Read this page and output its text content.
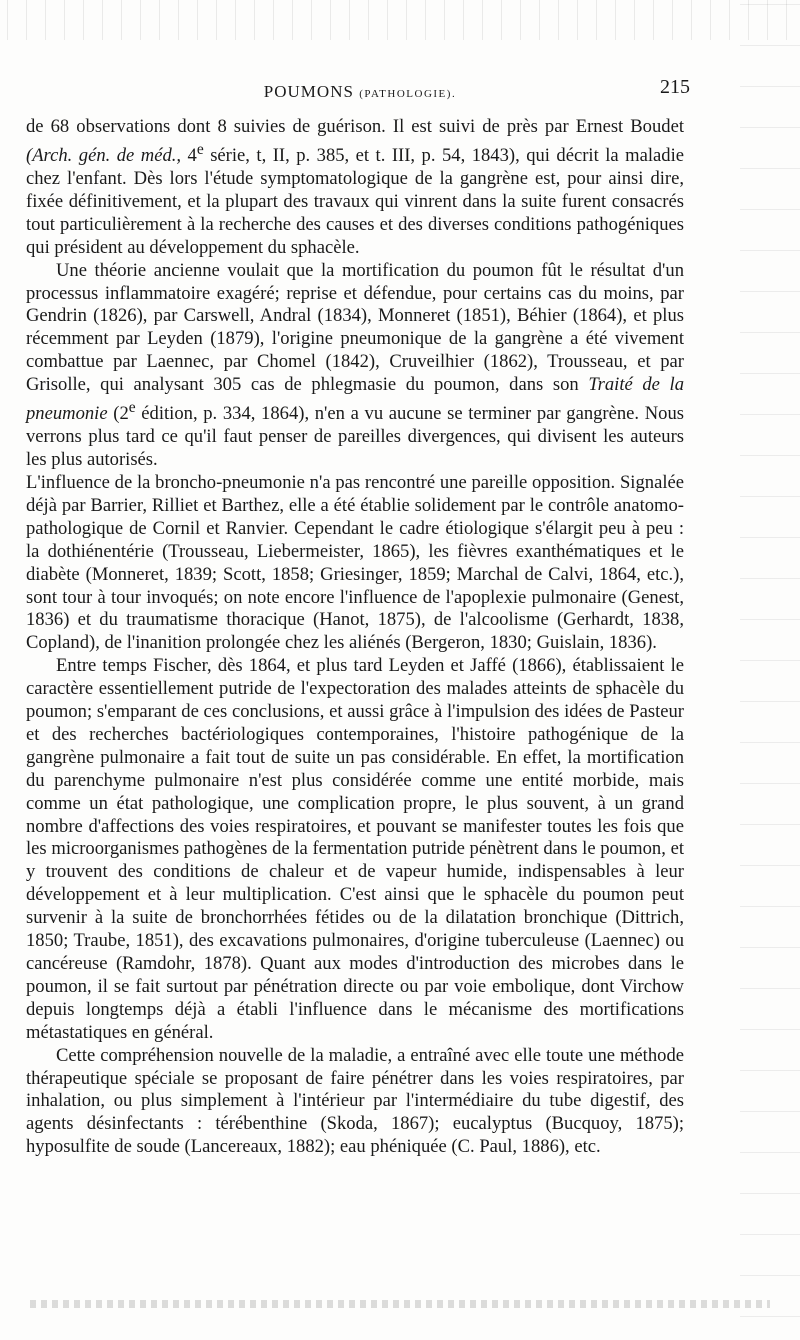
POUMONS (PATHOLOGIE).	215

de 68 observations dont 8 suivies de guérison. Il est suivi de près par Ernest Boudet (Arch. gén. de méd., 4e série, t, II, p. 385, et t. III, p. 54, 1843), qui décrit la maladie chez l'enfant. Dès lors l'étude symptomatologique de la gangrène est, pour ainsi dire, fixée définitivement, et la plupart des travaux qui vinrent dans la suite furent consacrés tout particulièrement à la recherche des causes et des diverses conditions pathogéniques qui président au développement du sphacèle.

Une théorie ancienne voulait que la mortification du poumon fût le résultat d'un processus inflammatoire exagéré; reprise et défendue, pour certains cas du moins, par Gendrin (1826), par Carswell, Andral (1834), Monneret (1851), Béhier (1864), et plus récemment par Leyden (1879), l'origine pneumonique de la gangrène a été vivement combattue par Laennec, par Chomel (1842), Cruveilhier (1862), Trousseau, et par Grisolle, qui analysant 305 cas de phlegmasie du poumon, dans son Traité de la pneumonie (2e édition, p. 334, 1864), n'en a vu aucune se terminer par gangrène. Nous verrons plus tard ce qu'il faut penser de pareilles divergences, qui divisent les auteurs les plus autorisés.

L'influence de la broncho-pneumonie n'a pas rencontré une pareille opposition. Signalée déjà par Barrier, Rilliet et Barthez, elle a été établie solidement par le contrôle anatomo-pathologique de Cornil et Ranvier. Cependant le cadre étiologique s'élargit peu à peu : la dothiénentérie (Trousseau, Liebermeister, 1865), les fièvres exanthématiques et le diabète (Monneret, 1839; Scott, 1858; Griesinger, 1859; Marchal de Calvi, 1864, etc.), sont tour à tour invoqués; on note encore l'influence de l'apoplexie pulmonaire (Genest, 1836) et du traumatisme thoracique (Hanot, 1875), de l'alcoolisme (Gerhardt, 1838, Copland), de l'inanition prolongée chez les aliénés (Bergeron, 1830; Guislain, 1836).

Entre temps Fischer, dès 1864, et plus tard Leyden et Jaffé (1866), établissaient le caractère essentiellement putride de l'expectoration des malades atteints de sphacèle du poumon; s'emparant de ces conclusions, et aussi grâce à l'impulsion des idées de Pasteur et des recherches bactériologiques contemporaines, l'histoire pathogénique de la gangrène pulmonaire a fait tout de suite un pas considérable. En effet, la mortification du parenchyme pulmonaire n'est plus considérée comme une entité morbide, mais comme un état pathologique, une complication propre, le plus souvent, à un grand nombre d'affections des voies respiratoires, et pouvant se manifester toutes les fois que les microorganismes pathogènes de la fermentation putride pénètrent dans le poumon, et y trouvent des conditions de chaleur et de vapeur humide, indispensables à leur développement et à leur multiplication. C'est ainsi que le sphacèle du poumon peut survenir à la suite de bronchorrhées fétides ou de la dilatation bronchique (Dittrich, 1850; Traube, 1851), des excavations pulmonaires, d'origine tuberculeuse (Laennec) ou cancéreuse (Ramdohr, 1878). Quant aux modes d'introduction des microbes dans le poumon, il se fait surtout par pénétration directe ou par voie embolique, dont Virchow depuis longtemps déjà a établi l'influence dans le mécanisme des mortifications métastatiques en général.

Cette compréhension nouvelle de la maladie, a entraîné avec elle toute une méthode thérapeutique spéciale se proposant de faire pénétrer dans les voies respiratoires, par inhalation, ou plus simplement à l'intérieur par l'intermédiaire du tube digestif, des agents désinfectants : térébenthine (Skoda, 1867); eucalyptus (Bucquoy, 1875); hyposulfite de soude (Lancereaux, 1882); eau phéniquée (C. Paul, 1886), etc.
